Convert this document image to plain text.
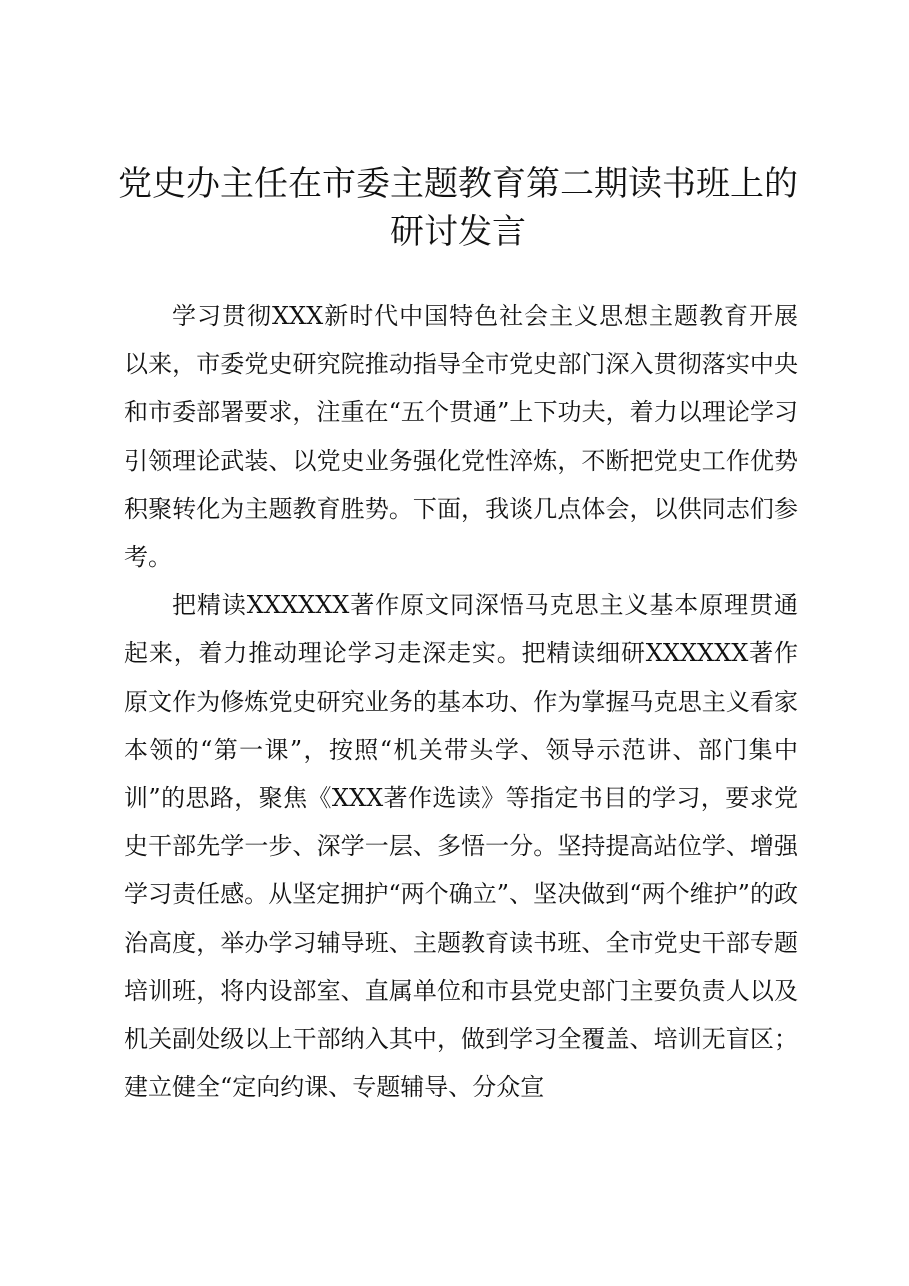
党史办主任在市委主题教育第二期读书班上的
研讨发言

学习贯彻XXX新时代中国特色社会主义思想主题教育开展以来，市委党史研究院推动指导全市党史部门深入贯彻落实中央和市委部署要求，注重在“五个贯通”上下功夫，着力以理论学习引领理论武装、以党史业务强化党性淬炼，不断把党史工作优势积聚转化为主题教育胜势。下面，我谈几点体会，以供同志们参考。

把精读XXXXXX著作原文同深悟马克思主义基本原理贯通起来，着力推动理论学习走深走实。把精读细研XXXXXX著作原文作为修炼党史研究业务的基本功、作为掌握马克思主义看家本领的“第一课”，按照“机关带头学、领导示范讲、部门集中训”的思路，聚焦《XXX著作选读》等指定书目的学习，要求党史干部先学一步、深学一层、多悟一分。坚持提高站位学、增强学习责任感。从坚定拥护“两个确立”、坚决做到“两个维护”的政治高度，举办学习辅导班、主题教育读书班、全市党史干部专题培训班，将内设部室、直属单位和市县党史部门主要负责人以及机关副处级以上干部纳入其中，做到学习全覆盖、培训无盲区；建立健全“定向约课、专题辅导、分众宣
